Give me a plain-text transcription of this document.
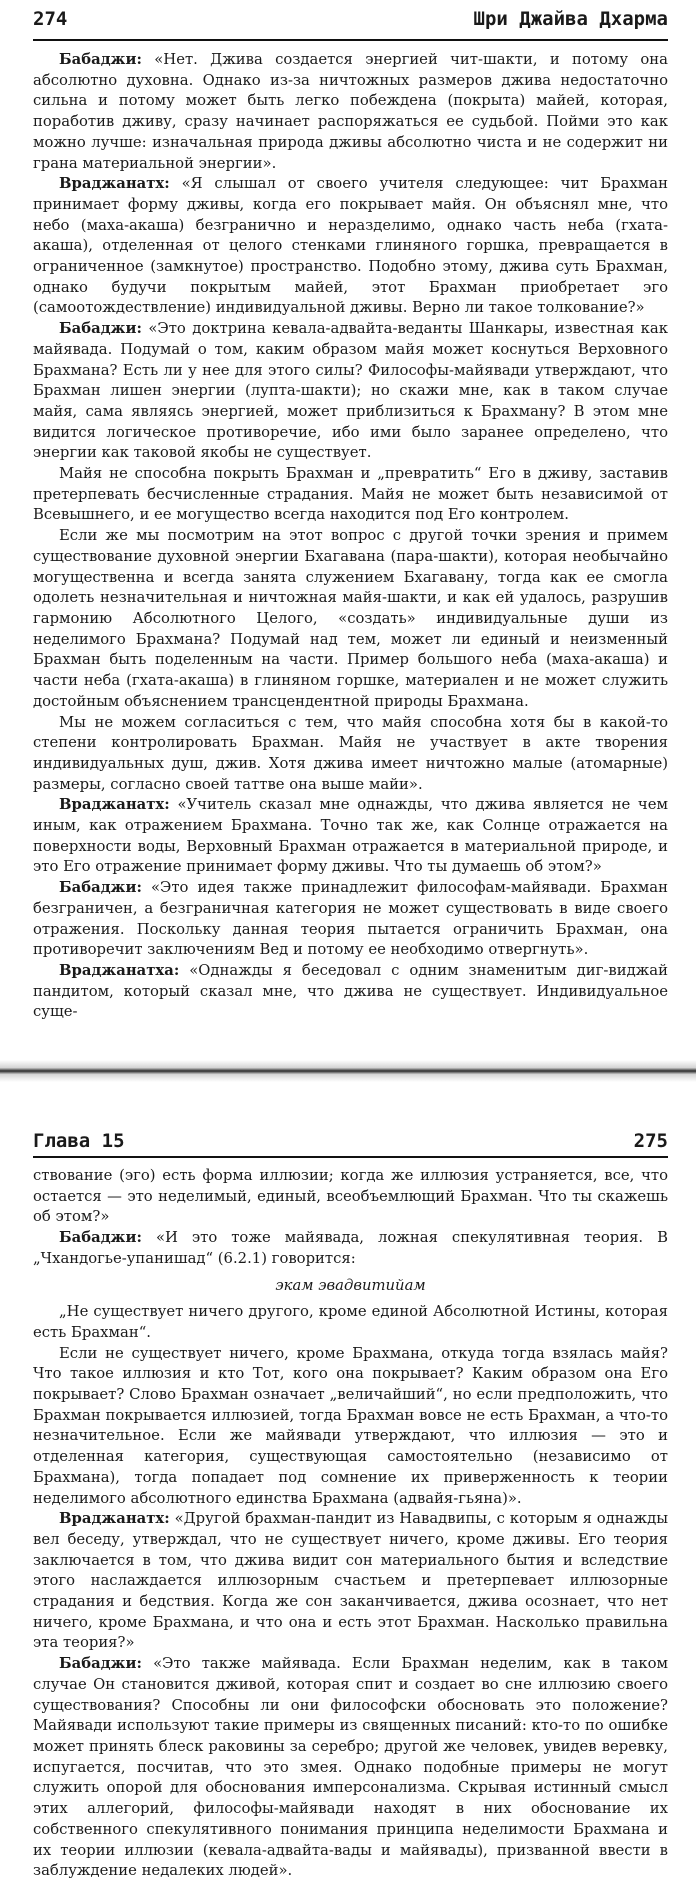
274	Шри Джайва Дхарма

Бабаджи: «Нет. Джива создается энергией чит-шакти, и потому она абсолютно духовна. Однако из-за ничтожных размеров джива недостаточно сильна и потому может быть легко побеждена (покрыта) майей, которая, поработив дживу, сразу начинает распоряжаться ее судьбой. Пойми это как можно лучше: изначальная природа дживы абсолютно чиста и не содержит ни грана материальной энергии».

Враджанатх: «Я слышал от своего учителя следующее: чит Брахман принимает форму дживы, когда его покрывает майя. Он объяснял мне, что небо (маха-акаша) безгранично и неразделимо, однако часть неба (гхата-акаша), отделенная от целого стенками глиняного горшка, превращается в ограниченное (замкнутое) пространство. Подобно этому, джива суть Брахман, однако будучи покрытым майей, этот Брахман приобретает эго (самоотождествление) индивидуальной дживы. Верно ли такое толкование?»

Бабаджи: «Это доктрина кевала-адвайта-веданты Шанкары, известная как майявада. Подумай о том, каким образом майя может коснуться Верховного Брахмана? Есть ли у нее для этого силы? Философы-майявади утверждают, что Брахман лишен энергии (лупта-шакти); но скажи мне, как в таком случае майя, сама являясь энергией, может приблизиться к Брахману? В этом мне видится логическое противоречие, ибо ими было заранее определено, что энергии как таковой якобы не существует.

Майя не способна покрыть Брахман и „превратить“ Его в дживу, заставив претерпевать бесчисленные страдания. Майя не может быть независимой от Всевышнего, и ее могущество всегда находится под Его контролем.

Если же мы посмотрим на этот вопрос с другой точки зрения и примем существование духовной энергии Бхагавана (пара-шакти), которая необычайно могущественна и всегда занята служением Бхагавану, тогда как ее смогла одолеть незначительная и ничтожная майя-шакти, и как ей удалось, разрушив гармонию Абсолютного Целого, «создать» индивидуальные души из неделимого Брахмана? Подумай над тем, может ли единый и неизменный Брахман быть поделенным на части. Пример большого неба (маха-акаша) и части неба (гхата-акаша) в глиняном горшке, материален и не может служить достойным объяснением трансцендентной природы Брахмана.

Мы не можем согласиться с тем, что майя способна хотя бы в какой-то степени контролировать Брахман. Майя не участвует в акте творения индивидуальных душ, джив. Хотя джива имеет ничтожно малые (атомарные) размеры, согласно своей таттве она выше майи».

Враджанатх: «Учитель сказал мне однажды, что джива является не чем иным, как отражением Брахмана. Точно так же, как Солнце отражается на поверхности воды, Верховный Брахман отражается в материальной природе, и это Его отражение принимает форму дживы. Что ты думаешь об этом?»

Бабаджи: «Это идея также принадлежит философам-майявади. Брахман безграничен, а безграничная категория не может существовать в виде своего отражения. Поскольку данная теория пытается ограничить Брахман, она противоречит заключениям Вед и потому ее необходимо отвергнуть».

Враджанатха: «Однажды я беседовал с одним знаменитым диг-виджай пандитом, который сказал мне, что джива не существует. Индивидуальное суще-

Глава 15	275

ствование (эго) есть форма иллюзии; когда же иллюзия устраняется, все, что остается — это неделимый, единый, всеобъемлющий Брахман. Что ты скажешь об этом?»

Бабаджи: «И это тоже майявада, ложная спекулятивная теория. В „Чхандогье-упанишад“ (6.2.1) говорится:

экам эвадвитийам

„Не существует ничего другого, кроме единой Абсолютной Истины, которая есть Брахман“.

Если не существует ничего, кроме Брахмана, откуда тогда взялась майя? Что такое иллюзия и кто Тот, кого она покрывает? Каким образом она Его покрывает? Слово Брахман означает „величайший“, но если предположить, что Брахман покрывается иллюзией, тогда Брахман вовсе не есть Брахман, а что-то незначительное. Если же майявади утверждают, что иллюзия — это и отделенная категория, существующая самостоятельно (независимо от Брахмана), тогда попадает под сомнение их приверженность к теории неделимого абсолютного единства Брахмана (адвайя-гьяна)».

Враджанатх: «Другой брахман-пандит из Навадвипы, с которым я однажды вел беседу, утверждал, что не существует ничего, кроме дживы. Его теория заключается в том, что джива видит сон материального бытия и вследствие этого наслаждается иллюзорным счастьем и претерпевает иллюзорные страдания и бедствия. Когда же сон заканчивается, джива осознает, что нет ничего, кроме Брахмана, и что она и есть этот Брахман. Насколько правильна эта теория?»

Бабаджи: «Это также майявада. Если Брахман неделим, как в таком случае Он становится дживой, которая спит и создает во сне иллюзию своего существования? Способны ли они философски обосновать это положение? Майявади используют такие примеры из священных писаний: кто-то по ошибке может принять блеск раковины за серебро; другой же человек, увидев веревку, испугается, посчитав, что это змея. Однако подобные примеры не могут служить опорой для обоснования имперсонализма. Скрывая истинный смысл этих аллегорий, философы-майявади находят в них обоснование их собственного спекулятивного понимания принципа неделимости Брахмана и их теории иллюзии (кевала-адвайта-вады и майявады), призванной ввести в заблуждение недалеких людей».
